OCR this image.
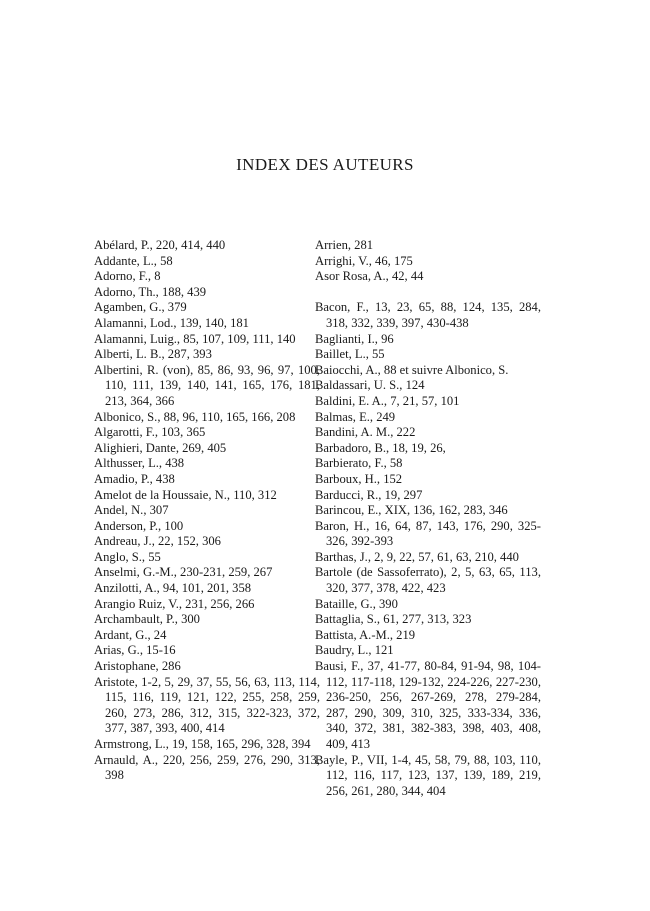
INDEX DES AUTEURS
Abélard, P., 220, 414, 440
Addante, L., 58
Adorno, F., 8
Adorno, Th., 188, 439
Agamben, G., 379
Alamanni, Lod., 139, 140, 181
Alamanni, Luig., 85, 107, 109, 111, 140
Alberti, L. B., 287, 393
Albertini, R. (von), 85, 86, 93, 96, 97, 100, 110, 111, 139, 140, 141, 165, 176, 181, 213, 364, 366
Albonico, S., 88, 96, 110, 165, 166, 208
Algarotti, F., 103, 365
Alighieri, Dante, 269, 405
Althusser, L., 438
Amadio, P., 438
Amelot de la Houssaie, N., 110, 312
Andel, N., 307
Anderson, P., 100
Andreau, J., 22, 152, 306
Anglo, S., 55
Anselmi, G.-M., 230-231, 259, 267
Anzilotti, A., 94, 101, 201, 358
Arangio Ruiz, V., 231, 256, 266
Archambault, P., 300
Ardant, G., 24
Arias, G., 15-16
Aristophane, 286
Aristote, 1-2, 5, 29, 37, 55, 56, 63, 113, 114, 115, 116, 119, 121, 122, 255, 258, 259, 260, 273, 286, 312, 315, 322-323, 372, 377, 387, 393, 400, 414
Armstrong, L., 19, 158, 165, 296, 328, 394
Arnauld, A., 220, 256, 259, 276, 290, 313, 398
Arrien, 281
Arrighi, V., 46, 175
Asor Rosa, A., 42, 44
Bacon, F., 13, 23, 65, 88, 124, 135, 284, 318, 332, 339, 397, 430-438
Baglianti, I., 96
Baillet, L., 55
Baiocchi, A., 88 et suivre Albonico, S.
Baldassari, U. S., 124
Baldini, E. A., 7, 21, 57, 101
Balmas, E., 249
Bandini, A. M., 222
Barbadoro, B., 18, 19, 26,
Barbierato, F., 58
Barboux, H., 152
Barducci, R., 19, 297
Barincou, E., XIX, 136, 162, 283, 346
Baron, H., 16, 64, 87, 143, 176, 290, 325-326, 392-393
Barthas, J., 2, 9, 22, 57, 61, 63, 210, 440
Bartole (de Sassoferrato), 2, 5, 63, 65, 113, 320, 377, 378, 422, 423
Bataille, G., 390
Battaglia, S., 61, 277, 313, 323
Battista, A.-M., 219
Baudry, L., 121
Bausi, F., 37, 41-77, 80-84, 91-94, 98, 104-112, 117-118, 129-132, 224-226, 227-230, 236-250, 256, 267-269, 278, 279-284, 287, 290, 309, 310, 325, 333-334, 336, 340, 372, 381, 382-383, 398, 403, 408, 409, 413
Bayle, P., VII, 1-4, 45, 58, 79, 88, 103, 110, 112, 116, 117, 123, 137, 139, 189, 219, 256, 261, 280, 344, 404
